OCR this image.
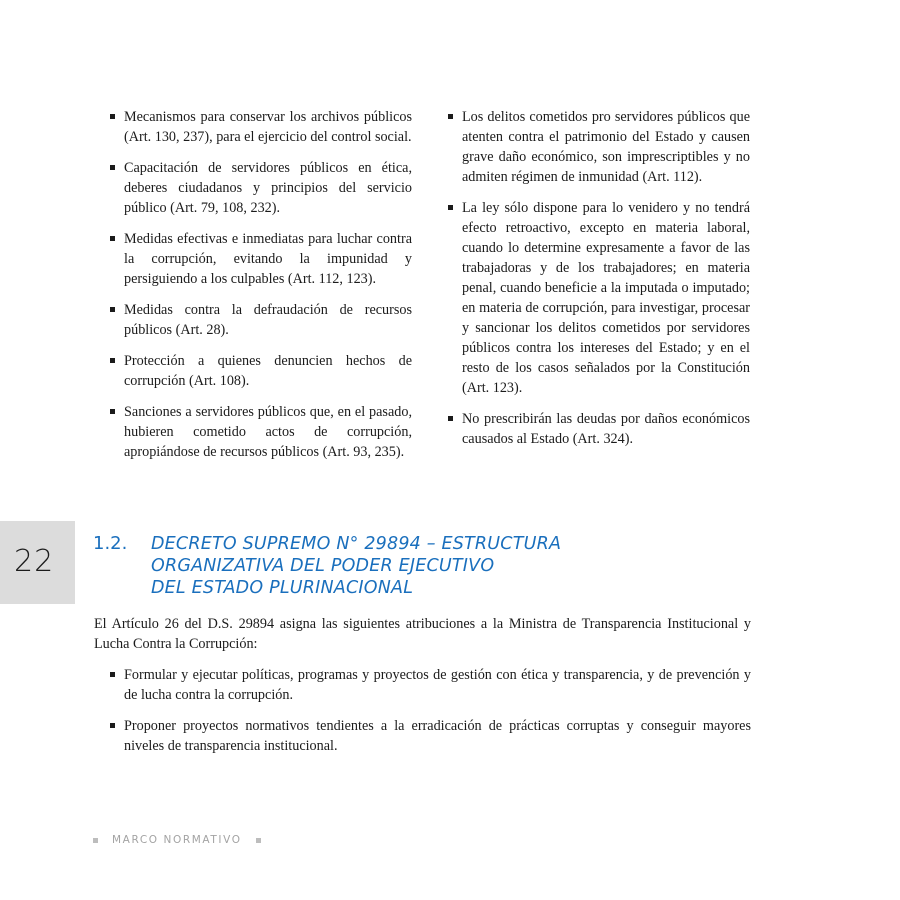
Mecanismos para conservar los archivos públicos (Art. 130, 237), para el ejercicio del control social.
Capacitación de servidores públicos en ética, deberes ciudadanos y principios del servicio público (Art. 79, 108, 232).
Medidas efectivas e inmediatas para luchar contra la corrupción, evitando la impunidad y persiguiendo a los culpables (Art. 112, 123).
Medidas contra la defraudación de recursos públicos (Art. 28).
Protección a quienes denuncien hechos de corrupción (Art. 108).
Sanciones a servidores públicos que, en el pasado, hubieren cometido actos de corrupción, apropiándose de recursos públicos (Art. 93, 235).
Los delitos cometidos pro servidores públicos que atenten contra el patrimonio del Estado y causen grave daño económico, son imprescriptibles y no admiten régimen de inmunidad (Art. 112).
La ley sólo dispone para lo venidero y no tendrá efecto retroactivo, excepto en materia laboral, cuando lo determine expresamente a favor de las trabajadoras y de los trabajadores; en materia penal, cuando beneficie a la imputada o imputado; en materia de corrupción, para investigar, procesar y sancionar los delitos cometidos por servidores públicos contra los intereses del Estado; y en el resto de los casos señalados por la Constitución (Art. 123).
No prescribirán las deudas por daños económicos causados al Estado (Art. 324).
22
1.2. DECRETO SUPREMO N° 29894 – ESTRUCTURA
ORGANIZATIVA DEL PODER EJECUTIVO
DEL ESTADO PLURINACIONAL
El Artículo 26 del D.S. 29894 asigna las siguientes atribuciones a la Ministra de Transparencia Institucional y Lucha Contra la Corrupción:
Formular y ejecutar políticas, programas y proyectos de gestión con ética y transparencia, y de prevención y de lucha contra la corrupción.
Proponer proyectos normativos tendientes a la erradicación de prácticas corruptas y conseguir mayores niveles de transparencia institucional.
MARCO NORMATIVO
